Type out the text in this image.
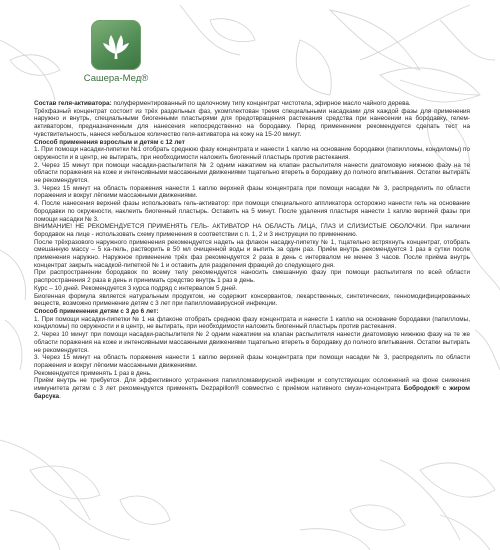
Сашера-Мед®

Состав геля-активатора: полуферментированный по щелочному типу концентрат чистотела, эфирное масло чайного дерева.

Трёхфазный концентрат состоит из трёх раздельных фаз, укомплектован тремя специальными насадками для каждой фазы для применения наружно и внутрь, специальными биогенными пластырями для предотвращения растекания средства при нанесении на бородавку, гелем-активатором, предназначенным для нанесения непосредственно на бородавку. Перед применением рекомендуется сделать тест на чувствительность, нанеся небольшое количество геля-активатора на кожу на 15-20 минут.

Способ применения взрослым и детям с 12 лет

1. При помощи насадки-пипетки №1 отобрать среднюю фазу концентрата и нанести 1 каплю на основание бородавки (папилломы, кондиломы) по окружности и в центр, не вытирать, при необходимости наложить биогенный пластырь против растекания.

2. Через 15 минут при помощи насадки-распылителя № 2 одним нажатием на клапан распылителя нанести диатомовую нижнюю фазу на те области поражения на коже и интенсивными массажными движениями тщательно втереть в бородавку до полного впитывания. Остатки вытирать не рекомендуется.

3. Через 15 минут на область поражения нанести 1 каплю верхней фазы концентрата при помощи насадки № 3, распределить по области поражения и вокруг лёгкими массажными движениями.

4. После нанесения верхней фазы использовать гель-активатор: при помощи специального аппликатора осторожно нанести гель на основание бородавки по окружности, наклеить биогенный пластырь. Оставить на 5 минут. После удаления пластыря нанести 1 каплю верхней фазы при помощи насадки № 3.

ВНИМАНИЕ! НЕ РЕКОМЕНДУЕТСЯ ПРИМЕНЯТЬ ГЕЛЬ- АКТИВАТОР НА ОБЛАСТЬ ЛИЦА, ГЛАЗ И СЛИЗИСТЫЕ ОБОЛОЧКИ. При наличии бородавок на лице - использовать схему применения в соответствии с п. 1, 2 и 3 инструкции по применению.

После трёхразового наружного применения рекомендуется надеть на флакон насадку-пипетку № 1, тщательно встряхнуть концентрат, отобрать смешанную массу – 5 ка-пель, растворить в 50 мл очищенной воды и выпить за один раз. Приём внутрь рекомендуется 1 раз в сутки после применения наружно. Наружное применение трёх фаз рекомендуется 2 раза в день с интервалом не менее 3 часов. После приёма внутрь концентрат закрыть насадкой-пипеткой № 1 и оставить для разделения фракций до следующего дня.

При распространении бородавок по всему телу рекомендуется наносить смешанную фазу при помощи распылителя по всей области распространения 2 раза в день и принимать средство внутрь 1 раз в день.

Курс – 10 дней. Рекомендуется 3 курса подряд с интервалом 5 дней.

Биогенная формула является натуральным продуктом, не содержит консервантов, лекарственных, синтетических, генномодифицированных веществ, возможно применение детям с 3 лет при папилломавирусной инфекции.

Способ применения детям с 3 до 6 лет:

1. При помощи насадки-пипетки № 1 на флаконе отобрать среднюю фазу концентрата и нанести 1 каплю на основание бородавки (папилломы, кондиломы) по окружности и в центр, не вытирать, при необходимости наложить биогенный пластырь против растекания.

2. Через 10 минут при помощи насадки-распылителя № 2 одним нажатием на клапан распылителя нанести диатомовую нижнюю фазу на те же области поражения на коже и интенсивными массажными движениями тщательно втереть в бородавку до полного впитывания. Остатки вытирать не рекомендуется.

3. Через 15 минут на область поражения нанести 1 каплю верхней фазы концентрата при помощи насадки № 3, распределить по области поражения и вокруг лёгкими массажными движениями.

Рекомендуется применять 1 раз в день.

Приём внутрь не требуется. Для эффективного устранения папилломавирусной инфекции и сопутствующих осложнений на фоне снижения иммунитета детям с 3 лет рекомендуется применять Dezpapillon® совместно с приёмом нативного смузи-концентрата Бобродок® с жиром барсука.
